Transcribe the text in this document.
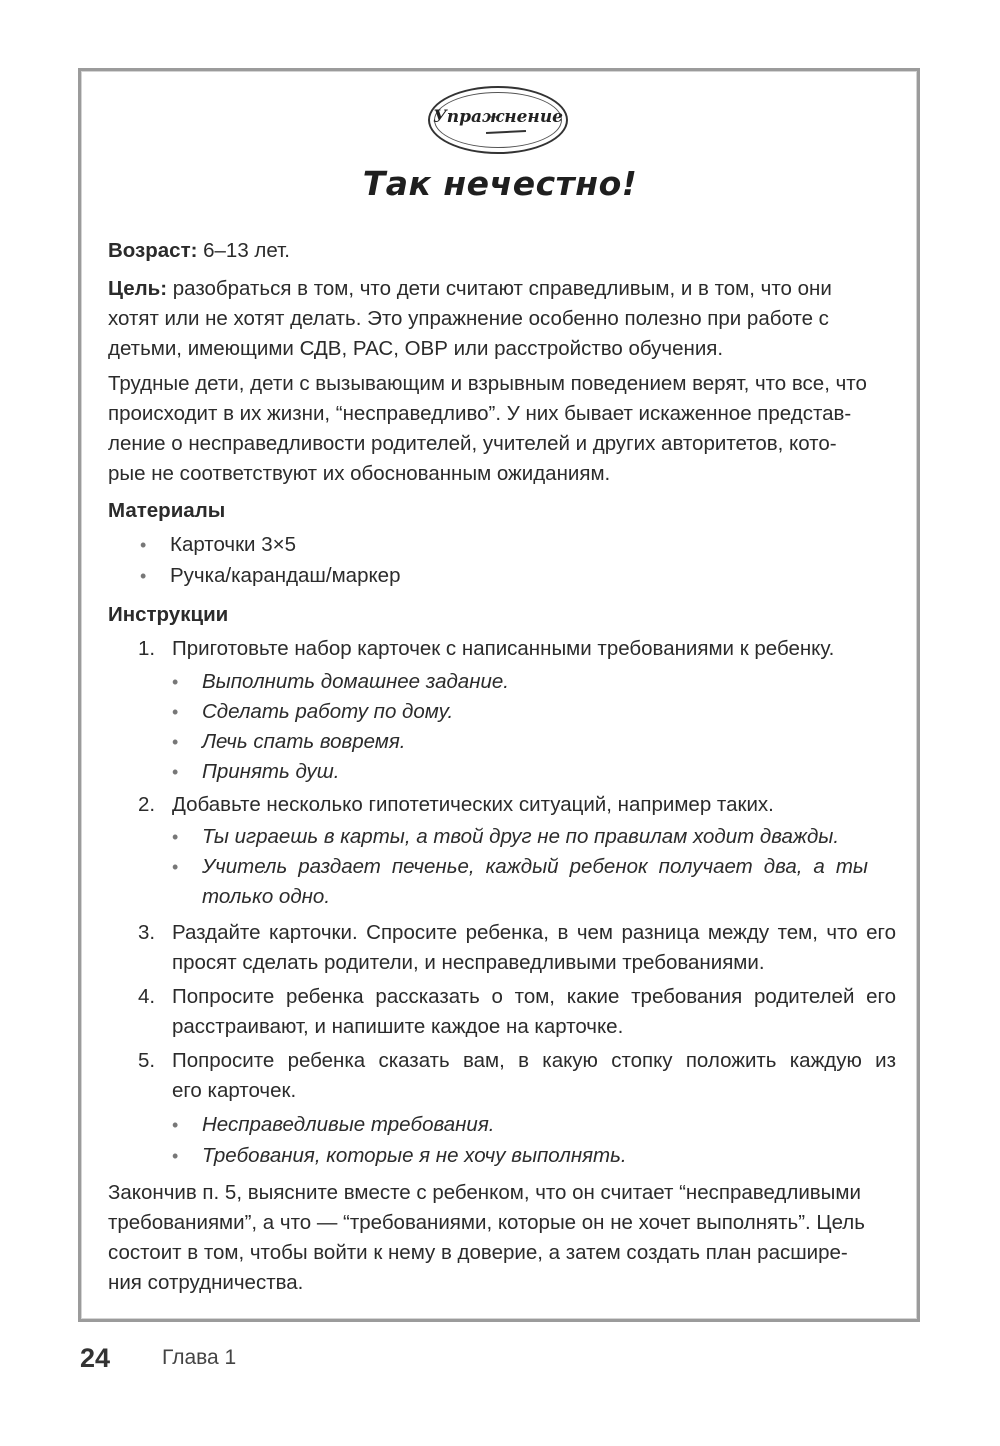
Упражнение
Так нечестно!
Возраст: 6–13 лет.
Цель: разобраться в том, что дети считают справедливым, и в том, что они
хотят или не хотят делать. Это упражнение особенно полезно при работе с
детьми, имеющими СДВ, РАС, ОВР или расстройство обучения.
Трудные дети, дети с вызывающим и взрывным поведением верят, что все, что
происходит в их жизни, “несправедливо”. У них бывает искаженное представ-
ление о несправедливости родителей, учителей и других авторитетов, кото-
рые не соответствуют их обоснованным ожиданиям.
Материалы
• Карточки 3×5
• Ручка/карандаш/маркер
Инструкции
1. Приготовьте набор карточек с написанными требованиями к ребенку.
• Выполнить домашнее задание.
• Сделать работу по дому.
• Лечь спать вовремя.
• Принять душ.
2. Добавьте несколько гипотетических ситуаций, например таких.
• Ты играешь в карты, а твой друг не по правилам ходит дважды.
• Учитель раздает печенье, каждый ребенок получает два, а ты
только одно.
3. Раздайте карточки. Спросите ребенка, в чем разница между тем, что его
просят сделать родители, и несправедливыми требованиями.
4. Попросите ребенка рассказать о том, какие требования родителей его
расстраивают, и напишите каждое на карточке.
5. Попросите ребенка сказать вам, в какую стопку положить каждую из
его карточек.
• Несправедливые требования.
• Требования, которые я не хочу выполнять.
Закончив п. 5, выясните вместе с ребенком, что он считает “несправедливыми
требованиями”, а что — “требованиями, которые он не хочет выполнять”. Цель
состоит в том, чтобы войти к нему в доверие, а затем создать план расшире-
ния сотрудничества.
24 Глава 1
